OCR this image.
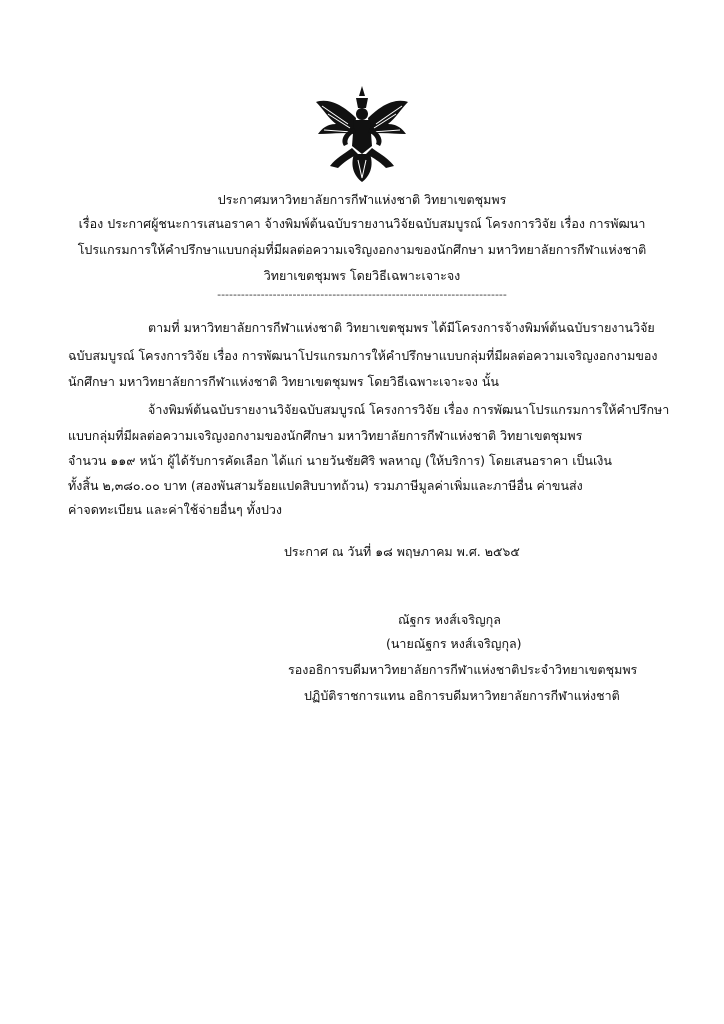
ประกาศมหาวิทยาลัยการกีฬาแห่งชาติ วิทยาเขตชุมพร
เรื่อง ประกาศผู้ชนะการเสนอราคา จ้างพิมพ์ต้นฉบับรายงานวิจัยฉบับสมบูรณ์ โครงการวิจัย เรื่อง การพัฒนา
โปรแกรมการให้คำปรึกษาแบบกลุ่มที่มีผลต่อความเจริญงอกงามของนักศึกษา มหาวิทยาลัยการกีฬาแห่งชาติ
วิทยาเขตชุมพร โดยวิธีเฉพาะเจาะจง
-------------------------------------------------------------------------
ตามที่ มหาวิทยาลัยการกีฬาแห่งชาติ วิทยาเขตชุมพร ได้มีโครงการจ้างพิมพ์ต้นฉบับรายงานวิจัย
ฉบับสมบูรณ์ โครงการวิจัย เรื่อง การพัฒนาโปรแกรมการให้คำปรึกษาแบบกลุ่มที่มีผลต่อความเจริญงอกงามของ
นักศึกษา มหาวิทยาลัยการกีฬาแห่งชาติ วิทยาเขตชุมพร โดยวิธีเฉพาะเจาะจง นั้น
จ้างพิมพ์ต้นฉบับรายงานวิจัยฉบับสมบูรณ์ โครงการวิจัย เรื่อง การพัฒนาโปรแกรมการให้คำปรึกษา
แบบกลุ่มที่มีผลต่อความเจริญงอกงามของนักศึกษา มหาวิทยาลัยการกีฬาแห่งชาติ วิทยาเขตชุมพร
จำนวน ๑๑๙ หน้า ผู้ได้รับการคัดเลือก ได้แก่ นายวันชัยศิริ พลหาญ (ให้บริการ) โดยเสนอราคา เป็นเงิน
ทั้งสิ้น ๒,๓๘๐.๐๐ บาท (สองพันสามร้อยแปดสิบบาทถ้วน) รวมภาษีมูลค่าเพิ่มและภาษีอื่น ค่าขนส่ง
ค่าจดทะเบียน และค่าใช้จ่ายอื่นๆ ทั้งปวง
ประกาศ ณ วันที่ ๑๘ พฤษภาคม พ.ศ. ๒๕๖๕
ณัฐกร หงส์เจริญกุล
(นายณัฐกร หงส์เจริญกุล)
รองอธิการบดีมหาวิทยาลัยการกีฬาแห่งชาติประจำวิทยาเขตชุมพร
ปฏิบัติราชการแทน อธิการบดีมหาวิทยาลัยการกีฬาแห่งชาติ
